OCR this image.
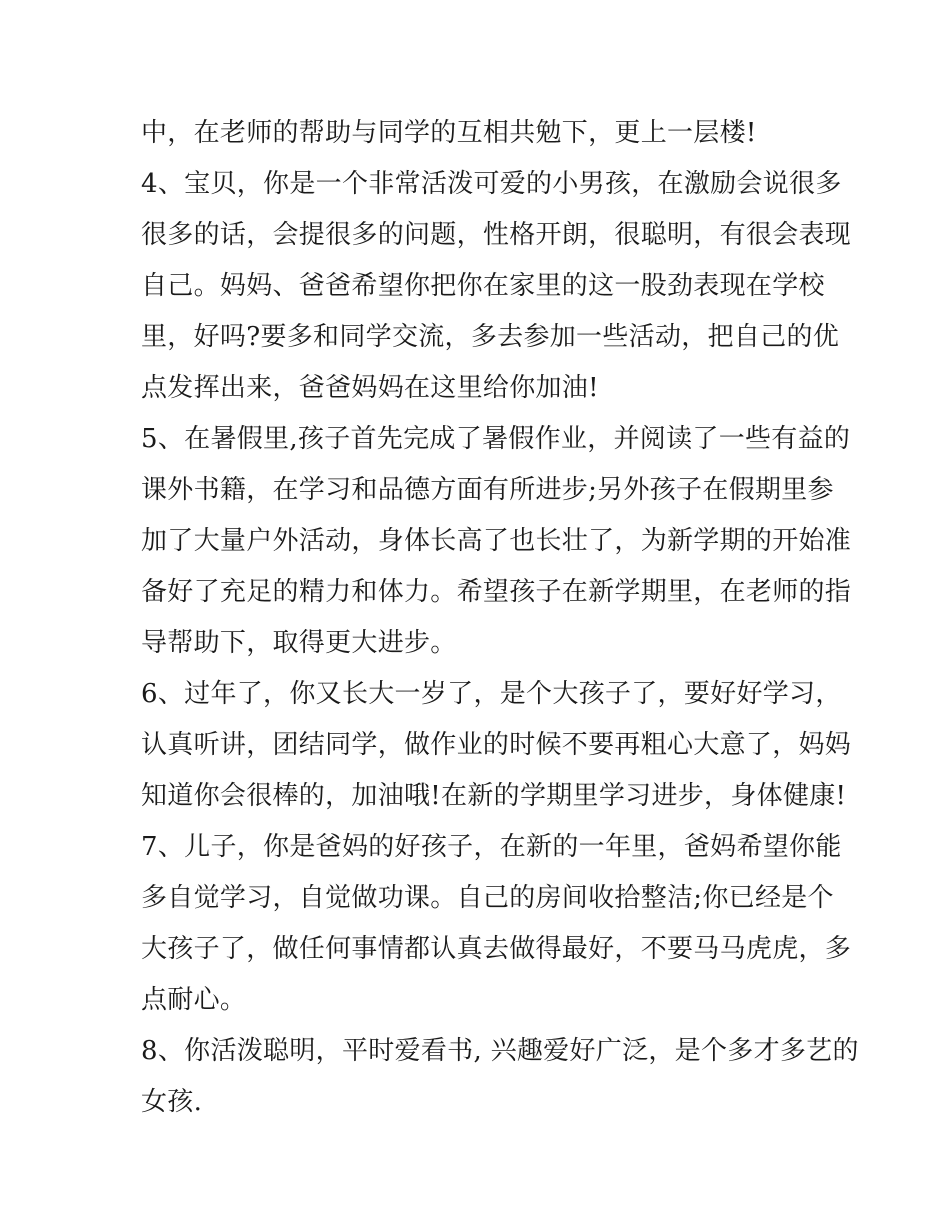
中，在老师的帮助与同学的互相共勉下，更上一层楼!
4、宝贝，你是一个非常活泼可爱的小男孩，在激励会说很多
很多的话，会提很多的问题，性格开朗，很聪明，有很会表现
自己。妈妈、爸爸希望你把你在家里的这一股劲表现在学校
里，好吗?要多和同学交流，多去参加一些活动，把自己的优
点发挥出来，爸爸妈妈在这里给你加油!
5、在暑假里,孩子首先完成了暑假作业，并阅读了一些有益的
课外书籍，在学习和品德方面有所进步;另外孩子在假期里参
加了大量户外活动，身体长高了也长壮了，为新学期的开始准
备好了充足的精力和体力。希望孩子在新学期里，在老师的指
导帮助下，取得更大进步。
6、过年了，你又长大一岁了，是个大孩子了，要好好学习，
认真听讲，团结同学，做作业的时候不要再粗心大意了，妈妈
知道你会很棒的，加油哦!在新的学期里学习进步，身体健康!
7、儿子，你是爸妈的好孩子，在新的一年里，爸妈希望你能
多自觉学习，自觉做功课。自己的房间收拾整洁;你已经是个
大孩子了，做任何事情都认真去做得最好，不要马马虎虎，多
点耐心。
8、你活泼聪明，平时爱看书, 兴趣爱好广泛，是个多才多艺的
女孩.
